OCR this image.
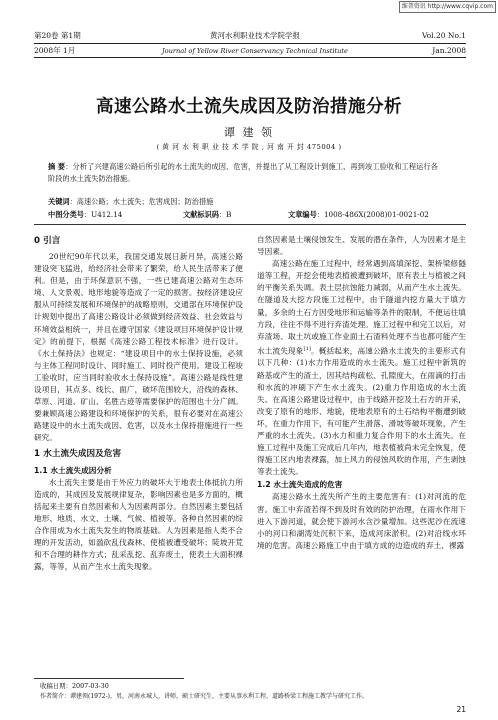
维普资讯 http://www.cqvip.com
第20卷 第1期	黄河水利职业技术学院学报	Vol.20 No.1
2008年 1月	Journal of Yellow River Conservancy Technical Institute	Jan.2008
高速公路水土流失成因及防治措施分析
谭 建 领
( 黄 河 水 利 职 业 技 术 学 院 , 河 南 开 封 475004 )
摘 要：分析了兴建高速公路后所引起的水土流失的成因、危害，并提出了从工程设计到施工、再到竣工验收和工程运行各阶段的水土流失防治措施。
关键词：高速公路；水土流失；危害成因；防治措施
中图分类号：U412.14	文献标识码：B	文章编号：1008-486X(2008)01-0021-02
0 引言

20世纪90年代以来，我国交通发展日新月异，高速公路建设突飞猛进，给经济社会带来了繁荣，给人民生活带来了便利。但是，由于环保意识不强，一些已建高速公路对生态环境、人文景观、地形地貌等造成了一定的损害。按经济建设应服从可持续发展和环境保护的战略原则，交通部在环境保护设计规划中提出了高速公路设计必须做到经济效益、社会效益与环境效益相统一，并且在遵守国家《建设项目环境保护设计规定》的前提下，根据《高速公路工程技术标准》进行设计。《水土保持法》也规定：“建设项目中的水土保持设施，必须与主体工程同时设计、同时施工、同时投产使用。建设工程竣工验收时，应当同时验收水土保持设施”。高速公路是线性建设项目，其点多、线长、面广，破坏范围较大，沿线的森林、草原、河道、矿山、名胜古迹等需要保护的范围也十分广阔。要兼顾高速公路建设和环境保护的关系，很有必要对在高速公路建设中的水土流失成因、危害，以及水土保持措施进行一些研究。

1 水土流失成因及危害
1.1 水土流失成因分析

水土流失主要是由于外应力的破坏大于地表土体抵抗力所造成的，其成因及发展规律复杂，影响因素也是多方面的，概括起来主要有自然因素和人为因素两部分。自然因素主要包括地形、地质、水文、土壤、气候、植被等。各种自然因素的综合作用成为水土流失发生的物质基础。人为因素是指人类不合理的开发活动，如滥砍乱伐森林、使植被遭受破坏；陡坡开荒和不合理的耕作方式；乱采乱挖、乱弃废土，使表土大面积裸露，等等，从而产生水土流失现象。

自然因素是土壤侵蚀发生、发展的潜在条件，人为因素才是主导因素。

高速公路在施工过程中，经常遇到高填深挖、架桥梁修隧道等工程，开挖会使地表植被遭到破坏，原有表土与植被之间的平衡关系失调。表土层抗蚀能力减弱，从而产生水土流失。在隧道及大挖方段施工过程中，由于隧道内挖方量大于填方量，多余的土石方因受地形和运输等条件的限制，不便运往填方段，往往不得不进行弃渣处理。施工过程中和完工以后，对弃渣场、取土坑或施工作业面土石渣料处理不当也都可能产生水土流失现象[1]。概括起来，高速公路水土流失的主要形式有以下几种：(1)水力作用造成的水土流失。施工过程中新筑的路基或产生的渣土，因其结构疏松、孔隙度大，在雨滴的打击和水流的冲刷下产生水土流失。(2)重力作用造成的水土流失。在高速公路建设过程中，由于线路开挖及土石方的开采，改变了原有的地形、地貌，使地表原有的土石结构平衡遭到破坏，在重力作用下，有可能产生滑落、滑坡等破坏现象，产生严重的水土流失。(3)水力和重力复合作用下的水土流失。在施工过程中及施工完成后几年内，地表植被尚未完全恢复，使得施工区内地表裸露，加上风力的侵蚀风吹的作用，产生剥蚀等表土流失。

1.2 水土流失造成的危害

高速公路水土流失所产生的主要危害有：(1)对河流的危害。施工中弃渣若得不到及时有效的防护治理，在雨水作用下进入下游河道，就会使下游河水含沙量增加。这些泥沙在流速小的河口和湖湾处沉积下来，造成河床淤积。(2)对沿线水环境的危害。高速公路施工中由于填方成的边造成的弃土、裸露

收稿日期：2007-03-30
作者简介：谭建领(1972-)，男，河南永城人，讲师，硕士研究生，主要从事水利工程、道路桥梁工程施工教学与研究工作。
21
